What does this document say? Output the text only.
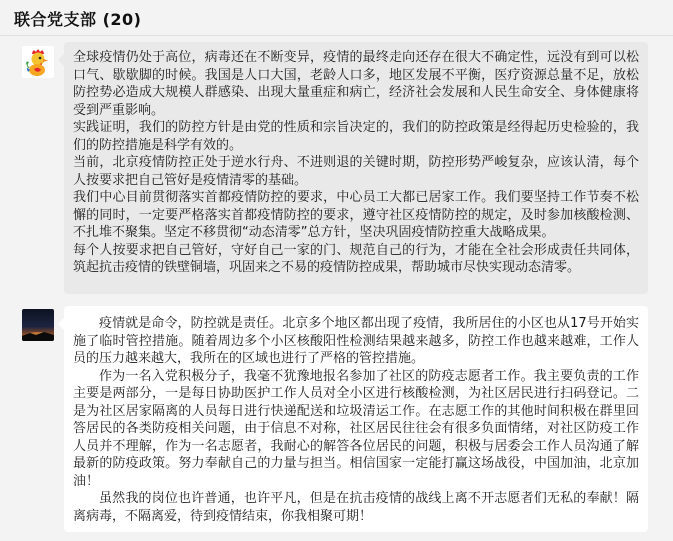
联合党支部 (20)

全球疫情仍处于高位，病毒还在不断变异，疫情的最终走向还存在很大不确定性，远没有到可以松口气、歇歇脚的时候。我国是人口大国，老龄人口多，地区发展不平衡，医疗资源总量不足，放松防控势必造成大规模人群感染、出现大量重症和病亡，经济社会发展和人民生命安全、身体健康将受到严重影响。

实践证明，我们的防控方针是由党的性质和宗旨决定的，我们的防控政策是经得起历史检验的，我们的防控措施是科学有效的。

当前，北京疫情防控正处于逆水行舟、不进则退的关键时期，防控形势严峻复杂，应该认清，每个人按要求把自己管好是疫情清零的基础。

我们中心目前贯彻落实首都疫情防控的要求，中心员工大都已居家工作。我们要坚持工作节奏不松懈的同时，一定要严格落实首都疫情防控的要求，遵守社区疫情防控的规定，及时参加核酸检测、不扎堆不聚集。坚定不移贯彻“动态清零”总方针，坚决巩固疫情防控重大战略成果。

每个人按要求把自己管好，守好自己一家的门、规范自己的行为，才能在全社会形成责任共同体，筑起抗击疫情的铁壁铜墙，巩固来之不易的疫情防控成果，帮助城市尽快实现动态清零。

疫情就是命令，防控就是责任。北京多个地区都出现了疫情，我所居住的小区也从17号开始实施了临时管控措施。随着周边多个小区核酸阳性检测结果越来越多，防控工作也越来越难，工作人员的压力越来越大，我所在的区域也进行了严格的管控措施。

作为一名入党积极分子，我毫不犹豫地报名参加了社区的防疫志愿者工作。我主要负责的工作主要是两部分，一是每日协助医护工作人员对全小区进行核酸检测，为社区居民进行扫码登记。二是为社区居家隔离的人员每日进行快递配送和垃圾清运工作。在志愿工作的其他时间积极在群里回答居民的各类防疫相关问题，由于信息不对称，社区居民往往会有很多负面情绪，对社区防疫工作人员并不理解，作为一名志愿者，我耐心的解答各位居民的问题，积极与居委会工作人员沟通了解最新的防疫政策。努力奉献自己的力量与担当。相信国家一定能打赢这场战役，中国加油，北京加油！

虽然我的岗位也许普通，也许平凡，但是在抗击疫情的战线上离不开志愿者们无私的奉献！隔离病毒，不隔离爱，待到疫情结束，你我相聚可期！
